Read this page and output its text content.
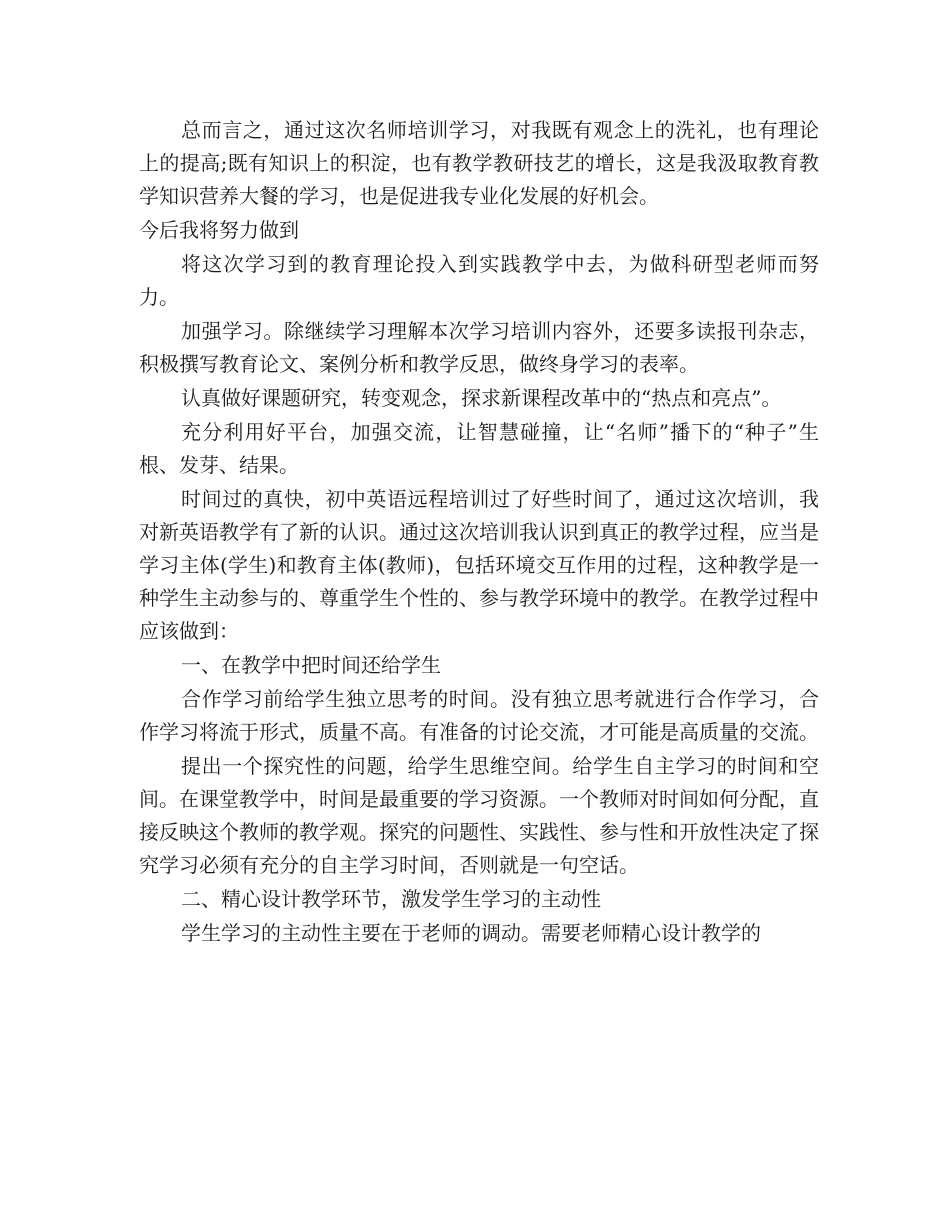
总而言之，通过这次名师培训学习，对我既有观念上的洗礼，也有理论上的提高;既有知识上的积淀，也有教学教研技艺的增长，这是我汲取教育教学知识营养大餐的学习，也是促进我专业化发展的好机会。

今后我将努力做到

将这次学习到的教育理论投入到实践教学中去，为做科研型老师而努力。

加强学习。除继续学习理解本次学习培训内容外，还要多读报刊杂志，积极撰写教育论文、案例分析和教学反思，做终身学习的表率。

认真做好课题研究，转变观念，探求新课程改革中的“热点和亮点”。

充分利用好平台，加强交流，让智慧碰撞，让“名师”播下的“种子”生根、发芽、结果。

时间过的真快，初中英语远程培训过了好些时间了，通过这次培训，我对新英语教学有了新的认识。通过这次培训我认识到真正的教学过程，应当是学习主体(学生)和教育主体(教师)，包括环境交互作用的过程，这种教学是一种学生主动参与的、尊重学生个性的、参与教学环境中的教学。在教学过程中应该做到：

一、在教学中把时间还给学生

合作学习前给学生独立思考的时间。没有独立思考就进行合作学习，合作学习将流于形式，质量不高。有准备的讨论交流，才可能是高质量的交流。

提出一个探究性的问题，给学生思维空间。给学生自主学习的时间和空间。在课堂教学中，时间是最重要的学习资源。一个教师对时间如何分配，直接反映这个教师的教学观。探究的问题性、实践性、参与性和开放性决定了探究学习必须有充分的自主学习时间，否则就是一句空话。

二、精心设计教学环节，激发学生学习的主动性

学生学习的主动性主要在于老师的调动。需要老师精心设计教学的
